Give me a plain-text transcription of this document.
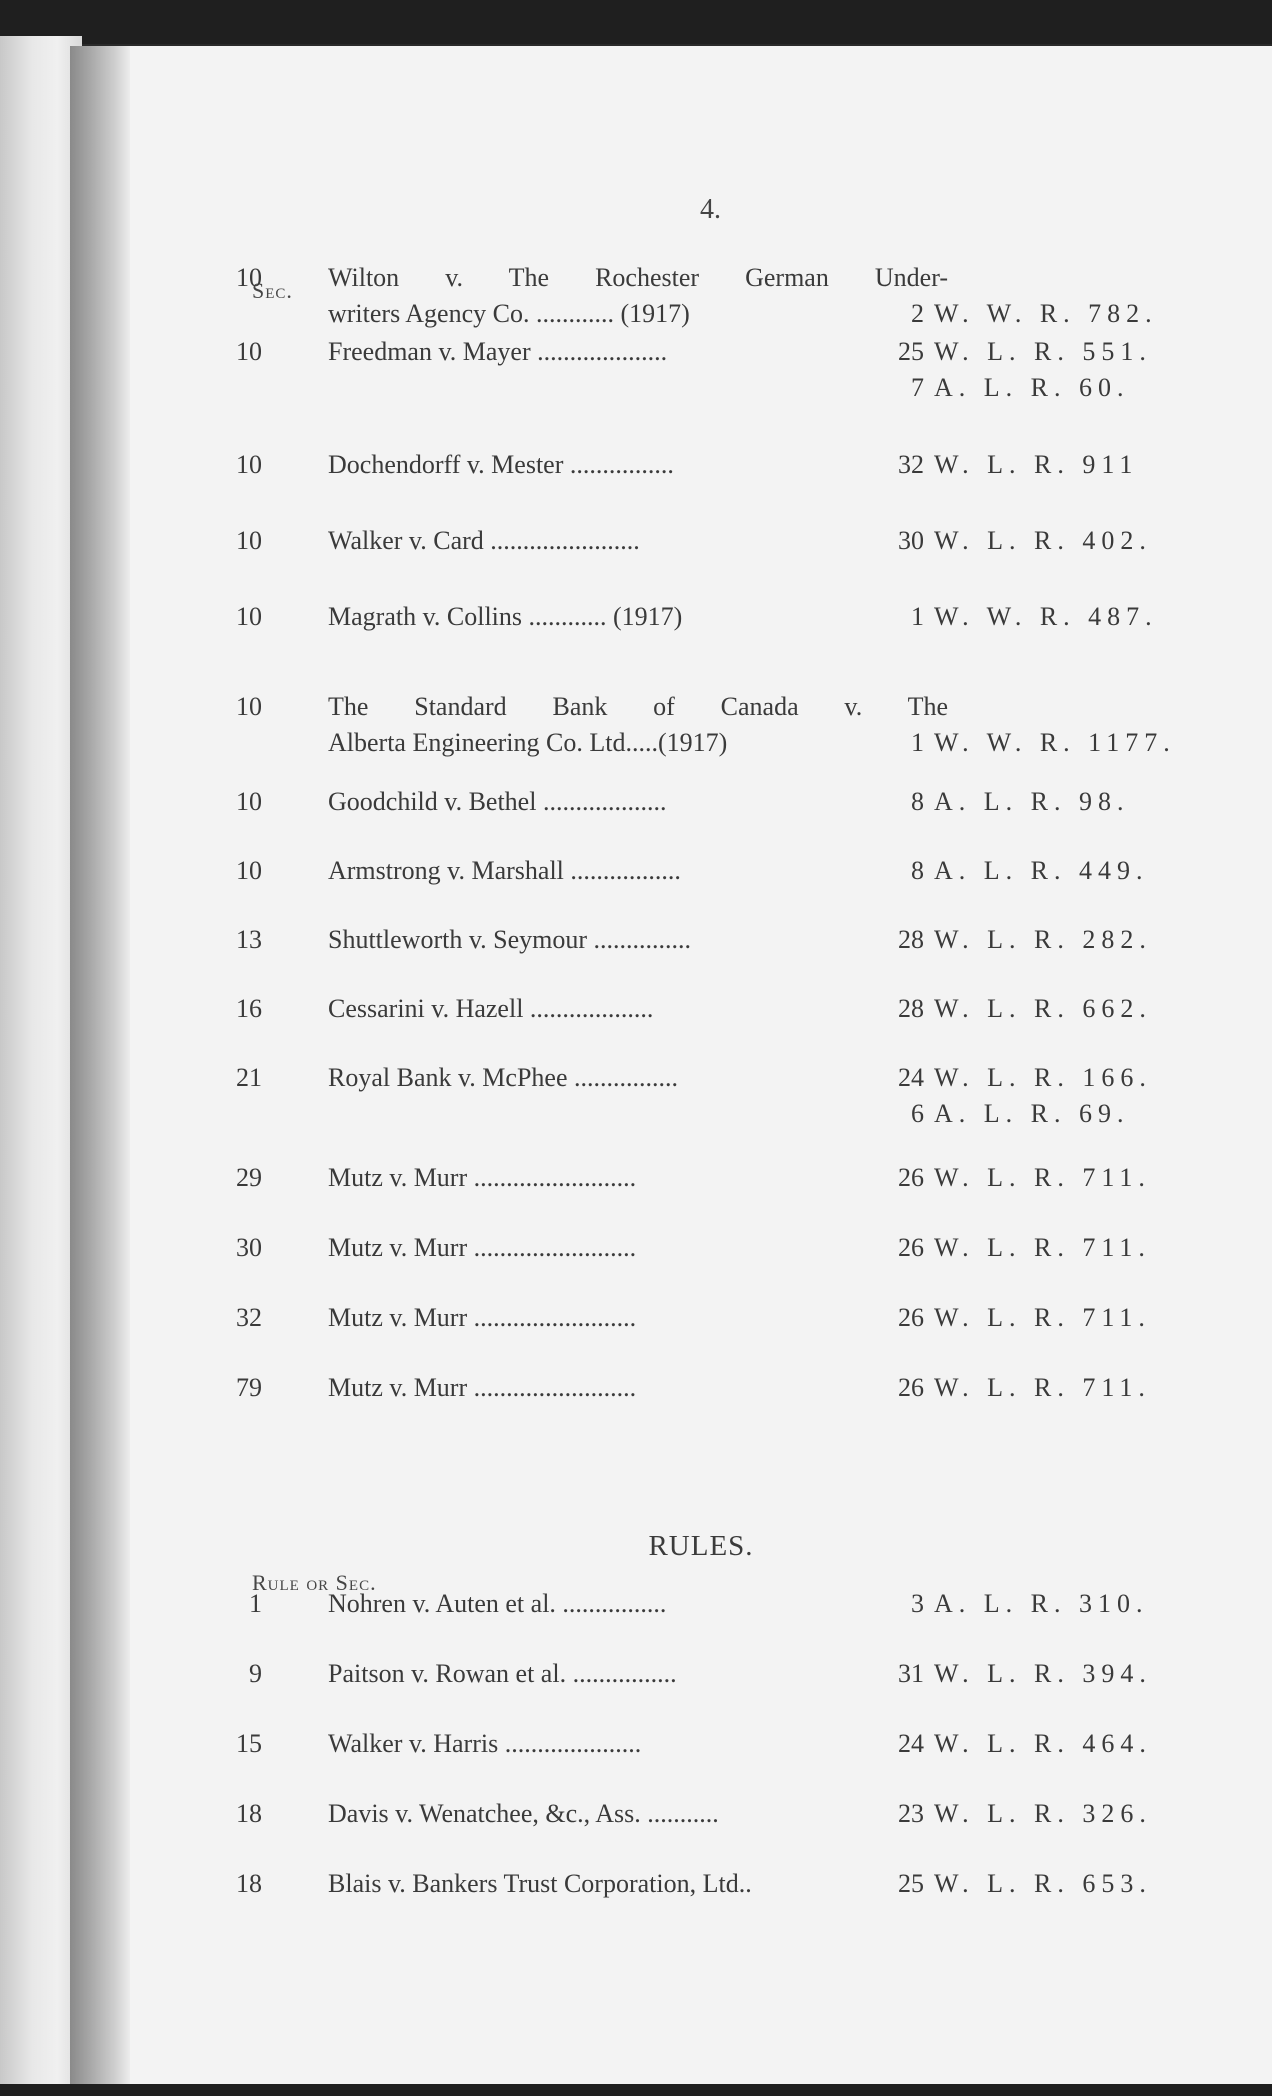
4.
Sec.
10	Wilton v. The Rochester German Under-
writers Agency Co. ............ (1917)	2 W. W. R. 782.
10	Freedman v. Mayer ....................	25 W. L. R. 551.
7 A. L. R. 60.
10	Dochendorff v. Mester ................	32 W. L. R. 911
10	Walker v. Card .......................	30 W. L. R. 402.
10	Magrath v. Collins ............ (1917)	1 W. W. R. 487.
10	The Standard Bank of Canada v. The
Alberta Engineering Co. Ltd.....(1917)	1 W. W. R. 1177.
10	Goodchild v. Bethel ...................	8 A. L. R. 98.
10	Armstrong v. Marshall .................	8 A. L. R. 449.
13	Shuttleworth v. Seymour ...............	28 W. L. R. 282.
16	Cessarini v. Hazell ...................	28 W. L. R. 662.
21	Royal Bank v. McPhee ................	24 W. L. R. 166.
6 A. L. R. 69.
29	Mutz v. Murr .........................	26 W. L. R. 711.
30	Mutz v. Murr .........................	26 W. L. R. 711.
32	Mutz v. Murr .........................	26 W. L. R. 711.
79	Mutz v. Murr .........................	26 W. L. R. 711.
RULES.
Rule or Sec.
1	Nohren v. Auten et al. ................	3 A. L. R. 310.
9	Paitson v. Rowan et al. ................	31 W. L. R. 394.
15	Walker v. Harris .....................	24 W. L. R. 464.
18	Davis v. Wenatchee, &c., Ass. ...........	23 W. L. R. 326.
18	Blais v. Bankers Trust Corporation, Ltd..	25 W. L. R. 653.
